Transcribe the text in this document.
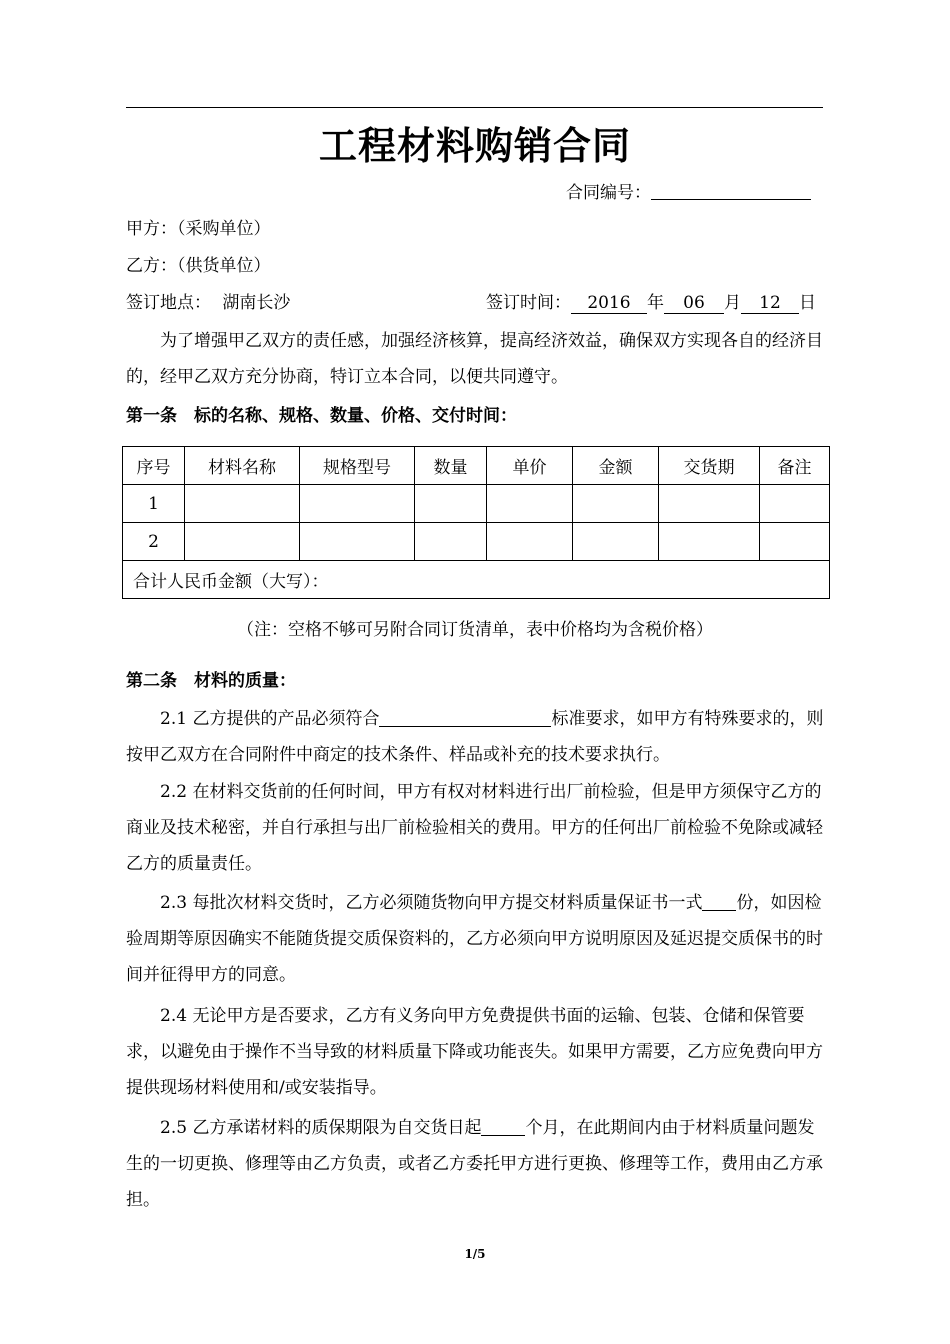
工程材料购销合同
合同编号：
甲方：（采购单位）
乙方：（供货单位）
签订地点： 湖南长沙	签订时间： 2016 年 06 月 12 日
为了增强甲乙双方的责任感，加强经济核算，提高经济效益，确保双方实现各自的经济目的，经甲乙双方充分协商，特订立本合同，以便共同遵守。
第一条　标的名称、规格、数量、价格、交付时间：
序号	材料名称	规格型号	数量	单价	金额	交货期	备注
1							
2							
合计人民币金额（大写）：							
（注：空格不够可另附合同订货清单，表中价格均为含税价格）
第二条　材料的质量：
2.1 乙方提供的产品必须符合	标准要求，如甲方有特殊要求的，则按甲乙双方在合同附件中商定的技术条件、样品或补充的技术要求执行。
2.2 在材料交货前的任何时间，甲方有权对材料进行出厂前检验，但是甲方须保守乙方的商业及技术秘密，并自行承担与出厂前检验相关的费用。甲方的任何出厂前检验不免除或减轻乙方的质量责任。
2.3 每批次材料交货时，乙方必须随货物向甲方提交材料质量保证书一式 份，如因检验周期等原因确实不能随货提交质保资料的，乙方必须向甲方说明原因及延迟提交质保书的时间并征得甲方的同意。
2.4 无论甲方是否要求，乙方有义务向甲方免费提供书面的运输、包装、仓储和保管要求，以避免由于操作不当导致的材料质量下降或功能丧失。如果甲方需要，乙方应免费向甲方提供现场材料使用和/或安装指导。
2.5 乙方承诺材料的质保期限为自交货日起	个月，在此期间内由于材料质量问题发生的一切更换、修理等由乙方负责，或者乙方委托甲方进行更换、修理等工作，费用由乙方承担。
1/5
